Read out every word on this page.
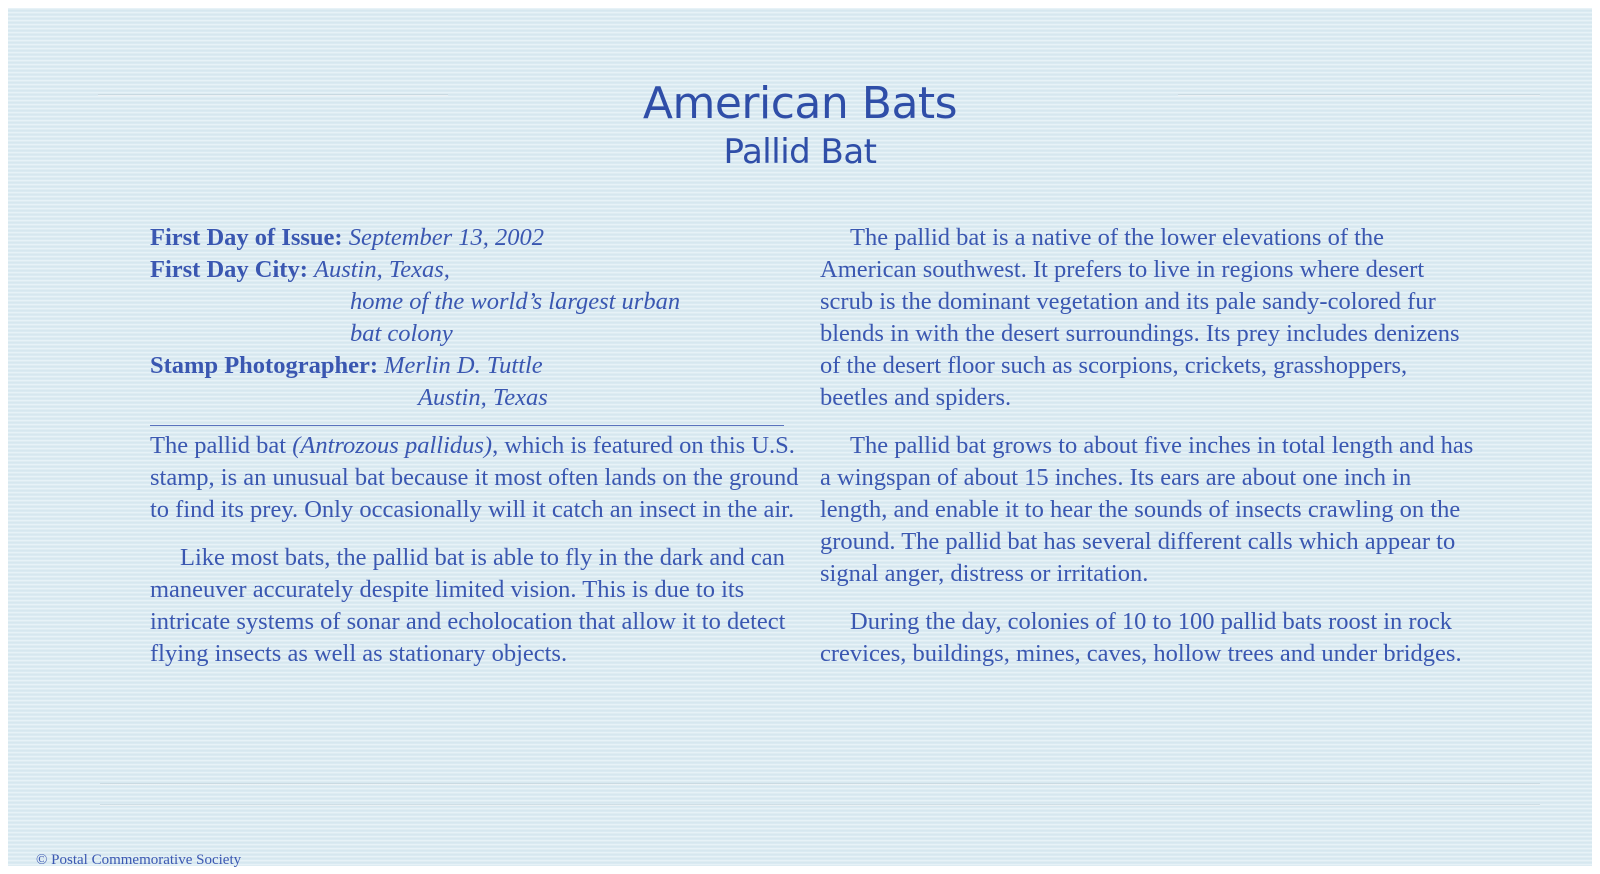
American Bats
Pallid Bat
First Day of Issue: September 13, 2002
First Day City: Austin, Texas,
home of the world’s largest urban
bat colony
Stamp Photographer: Merlin D. Tuttle
Austin, Texas

The pallid bat (Antrozous pallidus), which is featured on this U.S. stamp, is an unusual bat because it most often lands on the ground to find its prey. Only occasionally will it catch an insect in the air.

Like most bats, the pallid bat is able to fly in the dark and can maneuver accurately despite limited vision. This is due to its intricate systems of sonar and echolocation that allow it to detect flying insects as well as stationary objects.

The pallid bat is a native of the lower elevations of the American southwest. It prefers to live in regions where desert scrub is the dominant vegetation and its pale sandy-colored fur blends in with the desert surroundings. Its prey includes denizens of the desert floor such as scorpions, crickets, grasshoppers, beetles and spiders.

The pallid bat grows to about five inches in total length and has a wingspan of about 15 inches. Its ears are about one inch in length, and enable it to hear the sounds of insects crawling on the ground. The pallid bat has several different calls which appear to signal anger, distress or irritation.

During the day, colonies of 10 to 100 pallid bats roost in rock crevices, buildings, mines, caves, hollow trees and under bridges.

© Postal Commemorative Society
